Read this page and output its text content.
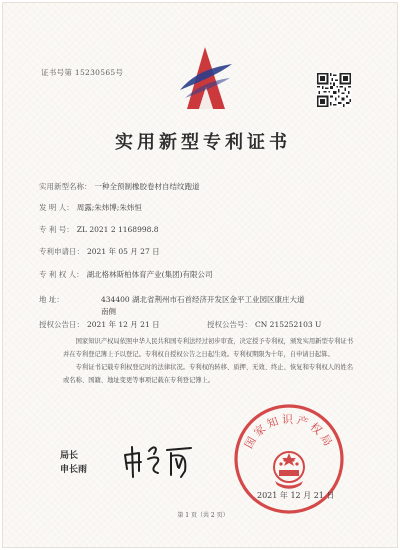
证书号第 15230565号
实用新型专利证书
实用新型名称： 一种全预制橡胶卷材自结纹跑道
发 明 人： 周露;朱炜博;朱炜恒
专 利 号： ZL 2021 2 1168998.8
专利申请日： 2021 年 05 月 27 日
专 利 权 人： 湖北格林斯柏体育产业(集团)有限公司
地 址：	434400 湖北省荆州市石首经济开发区金平工业园区康庄大道南侧
授权公告日： 2021 年 12 月 21 日	授权公告号： CN 215252103 U

国家知识产权局依照中华人民共和国专利法经过初步审查，决定授予专利权，颁发实用新型专利证书并在专利登记簿上予以登记。专利权自授权公告之日起生效。专利权期限为十年，自申请日起算。

专利证书记载专利权登记时的法律状况。专利权的转移、质押、无效、终止、恢复和专利权人的姓名或名称、国籍、地址变更等事项记载在专利登记簿上。

局长
申长雨
国家知识产权局
2021 年 12 月 21 日
第 1 页（共 2 页）
